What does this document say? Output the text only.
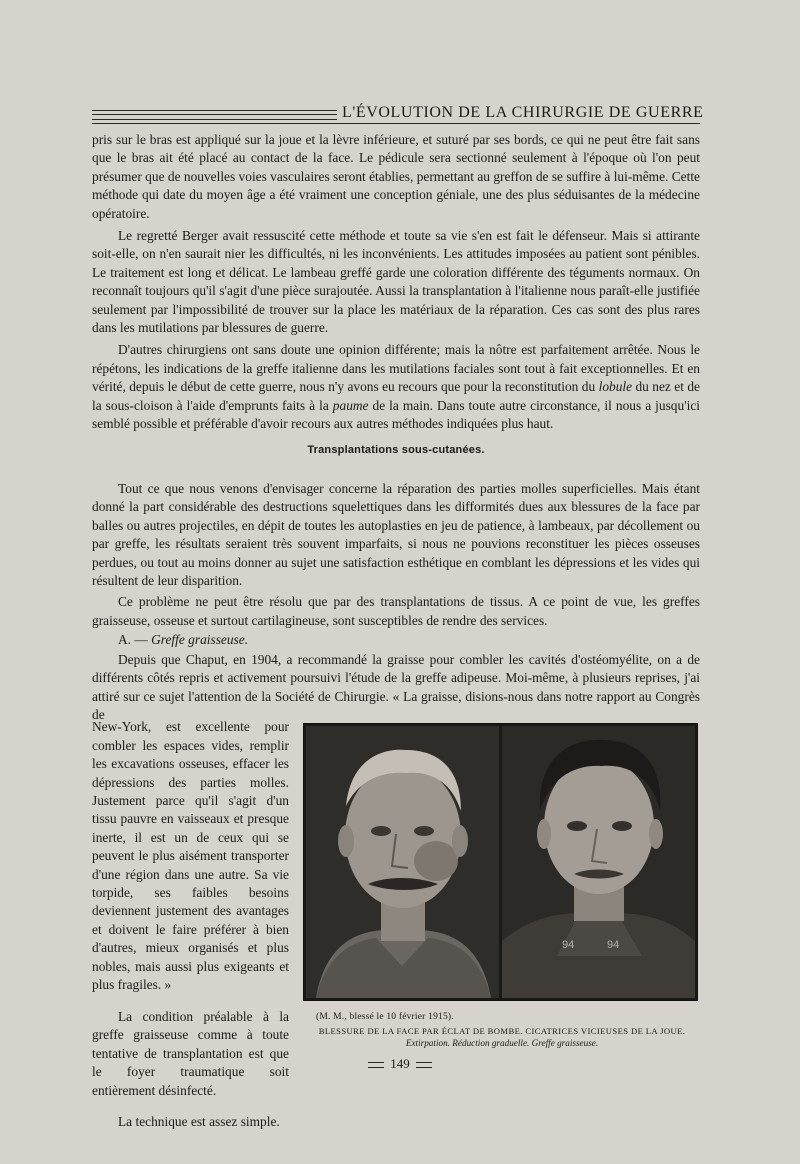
L'ÉVOLUTION DE LA CHIRURGIE DE GUERRE

pris sur le bras est appliqué sur la joue et la lèvre inférieure, et suturé par ses bords, ce qui ne peut être fait sans que le bras ait été placé au contact de la face. Le pédicule sera sectionné seulement à l'époque où l'on peut présumer que de nouvelles voies vasculaires seront établies, permettant au greffon de se suffire à lui-même. Cette méthode qui date du moyen âge a été vraiment une conception géniale, une des plus séduisantes de la médecine opératoire.

Le regretté Berger avait ressuscité cette méthode et toute sa vie s'en est fait le défenseur. Mais si attirante soit-elle, on n'en saurait nier les difficultés, ni les inconvénients. Les attitudes imposées au patient sont pénibles. Le traitement est long et délicat. Le lambeau greffé garde une coloration différente des téguments normaux. On reconnaît toujours qu'il s'agit d'une pièce surajoutée. Aussi la transplantation à l'italienne nous paraît-elle justifiée seulement par l'impossibilité de trouver sur la place les matériaux de la réparation. Ces cas sont des plus rares dans les mutilations par blessures de guerre.

D'autres chirurgiens ont sans doute une opinion différente; mais la nôtre est parfaitement arrêtée. Nous le répétons, les indications de la greffe italienne dans les mutilations faciales sont tout à fait exceptionnelles. Et en vérité, depuis le début de cette guerre, nous n'y avons eu recours que pour la reconstitution du lobule du nez et de la sous-cloison à l'aide d'emprunts faits à la paume de la main. Dans toute autre circonstance, il nous a jusqu'ici semblé possible et préférable d'avoir recours aux autres méthodes indiquées plus haut.

Transplantations sous-cutanées.

Tout ce que nous venons d'envisager concerne la réparation des parties molles superficielles. Mais étant donné la part considérable des destructions squelettiques dans les difformités dues aux blessures de la face par balles ou autres projectiles, en dépit de toutes les autoplasties en jeu de patience, à lambeaux, par décollement ou par greffe, les résultats seraient très souvent imparfaits, si nous ne pouvions reconstituer les pièces osseuses perdues, ou tout au moins donner au sujet une satisfaction esthétique en comblant les dépressions et les vides qui résultent de leur disparition.

Ce problème ne peut être résolu que par des transplantations de tissus. A ce point de vue, les greffes graisseuse, osseuse et surtout cartilagineuse, sont susceptibles de rendre des services.

A. — Greffe graisseuse.

Depuis que Chaput, en 1904, a recommandé la graisse pour combler les cavités d'ostéomyélite, on a de différents côtés repris et activement poursuivi l'étude de la greffe adipeuse. Moi-même, à plusieurs reprises, j'ai attiré sur ce sujet l'attention de la Société de Chirurgie. « La graisse, disions-nous dans notre rapport au Congrès de

New-York, est excellente pour combler les espaces vides, remplir les excavations osseuses, effacer les dépressions des parties molles. Justement parce qu'il s'agit d'un tissu pauvre en vaisseaux et presque inerte, il est un de ceux qui se peuvent le plus aisément transporter d'une région dans une autre. Sa vie torpide, ses faibles besoins deviennent justement des avantages et doivent le faire préférer à bien d'autres, mieux organisés et plus nobles, mais aussi plus exigeants et plus fragiles. »

La condition préalable à la greffe graisseuse comme à toute tentative de transplantation est que le foyer traumatique soit entièrement désinfecté.

La technique est assez simple.

94	94
(M. M., blessé le 10 février 1915).
BLESSURE DE LA FACE PAR ÉCLAT DE BOMBE. CICATRICES VICIEUSES DE LA JOUE.
Extirpation. Réduction graduelle. Greffe graisseuse.
149
